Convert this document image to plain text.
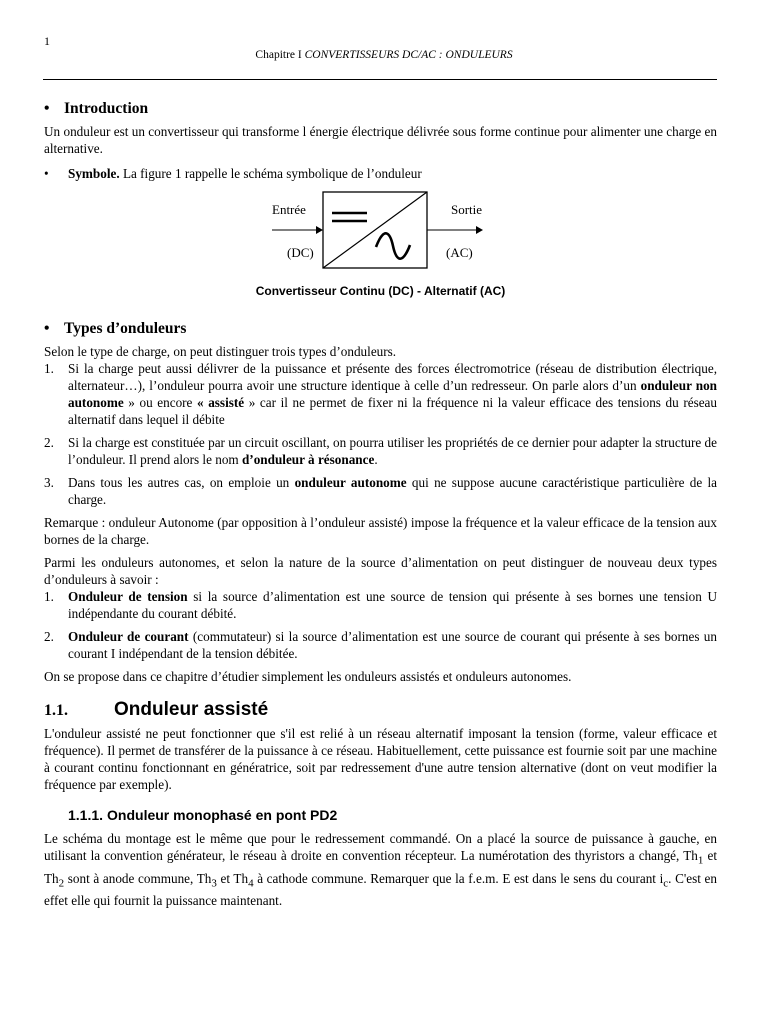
1
Chapitre I CONVERTISSEURS DC/AC : ONDULEURS
• Introduction

Un onduleur est un convertisseur qui transforme l énergie électrique délivrée sous forme continue pour alimenter une charge en alternative.

•	Symbole. La figure 1 rappelle le schéma symbolique de l’onduleur
Entrée
(DC)
Sortie
(AC)
Convertisseur Continu (DC) - Alternatif (AC)
• Types d’onduleurs

Selon le type de charge, on peut distinguer trois types d’onduleurs.

1.	Si la charge peut aussi délivrer de la puissance et présente des forces électromotrice (réseau de distribution électrique, alternateur…), l’onduleur pourra avoir une structure identique à celle d’un redresseur. On parle alors d’un onduleur non autonome » ou encore « assisté » car il ne permet de fixer ni la fréquence ni la valeur efficace des tensions du réseau alternatif dans lequel il débite
2.	Si la charge est constituée par un circuit oscillant, on pourra utiliser les propriétés de ce dernier pour adapter la structure de l’onduleur. Il prend alors le nom d’onduleur à résonance.
3.	Dans tous les autres cas, on emploie un onduleur autonome qui ne suppose aucune caractéristique particulière de la charge.

Remarque : onduleur Autonome (par opposition à l’onduleur assisté) impose la fréquence et la valeur efficace de la tension aux bornes de la charge.

Parmi les onduleurs autonomes, et selon la nature de la source d’alimentation on peut distinguer de nouveau deux types d’onduleurs à savoir :

1.	Onduleur de tension si la source d’alimentation est une source de tension qui présente à ses bornes une tension U indépendante du courant débité.
2.	Onduleur de courant (commutateur) si la source d’alimentation est une source de courant qui présente à ses bornes un courant I indépendant de la tension débitée.

On se propose dans ce chapitre d’étudier simplement les onduleurs assistés et onduleurs autonomes.

1.1.	Onduleur assisté

L'onduleur assisté ne peut fonctionner que s'il est relié à un réseau alternatif imposant la tension (forme, valeur efficace et fréquence). Il permet de transférer de la puissance à ce réseau. Habituellement, cette puissance est fournie soit par une machine à courant continu fonctionnant en génératrice, soit par redressement d'une autre tension alternative (dont on veut modifier la fréquence par exemple).

1.1.1. Onduleur monophasé en pont PD2

Le schéma du montage est le même que pour le redressement commandé. On a placé la source de puissance à gauche, en utilisant la convention générateur, le réseau à droite en convention récepteur. La numérotation des thyristors a changé, $Th_1$ et $Th_2$ sont à anode commune, $Th_3$ et $Th_4$ à cathode commune. Remarquer que la f.e.m. E est dans le sens du courant $i_c$. C'est en effet elle qui fournit la puissance maintenant.
